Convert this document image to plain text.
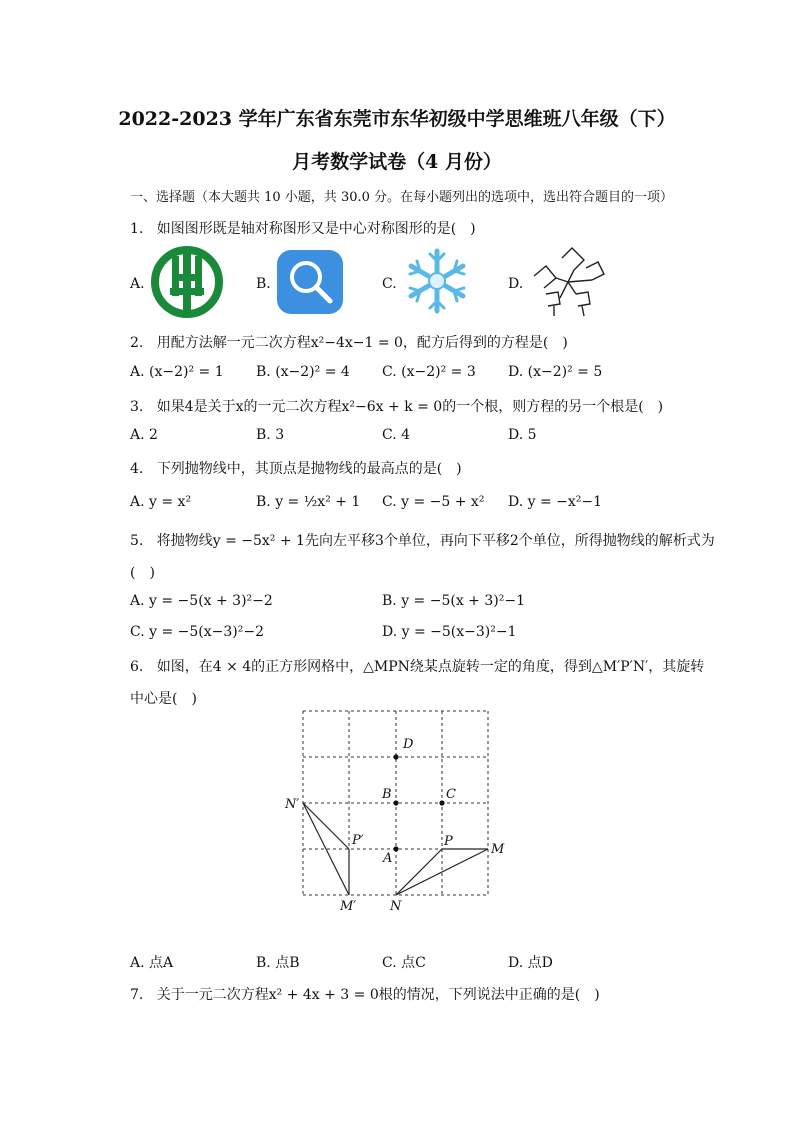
2022-2023 学年广东省东莞市东华初级中学思维班八年级（下）
月考数学试卷（4 月份）
一、选择题（本大题共 10 小题，共 30.0 分。在每小题列出的选项中，选出符合题目的一项）
1. 如图图形既是轴对称图形又是中心对称图形的是(　)
A.	B.	C.	D.
2. 用配方法解一元二次方程x²−4x−1 = 0，配方后得到的方程是(　)
A. (x−2)² = 1 B. (x−2)² = 4 C. (x−2)² = 3 D. (x−2)² = 5
3. 如果4是关于x的一元二次方程x²−6x + k = 0的一个根，则方程的另一个根是(　)
A. 2	B. 3	C. 4	D. 5
4. 下列抛物线中，其顶点是抛物线的最高点的是(　)
A. y = x²	B. y = ½x² + 1 C. y = −5 + x² D. y = −x²−1
5. 将抛物线y = −5x² + 1先向左平移3个单位，再向下平移2个单位，所得抛物线的解析式为
(　)
A. y = −5(x + 3)²−2	B. y = −5(x + 3)²−1
C. y = −5(x−3)²−2	D. y = −5(x−3)²−1
6. 如图，在4 × 4的正方形网格中，△MPN绕某点旋转一定的角度，得到△M′P′N′，其旋转
中心是(　)
D
B	C
N′
P′
A
P
M
M′	N
A. 点A	B. 点B	C. 点C	D. 点D
7. 关于一元二次方程x² + 4x + 3 = 0根的情况，下列说法中正确的是(　)
